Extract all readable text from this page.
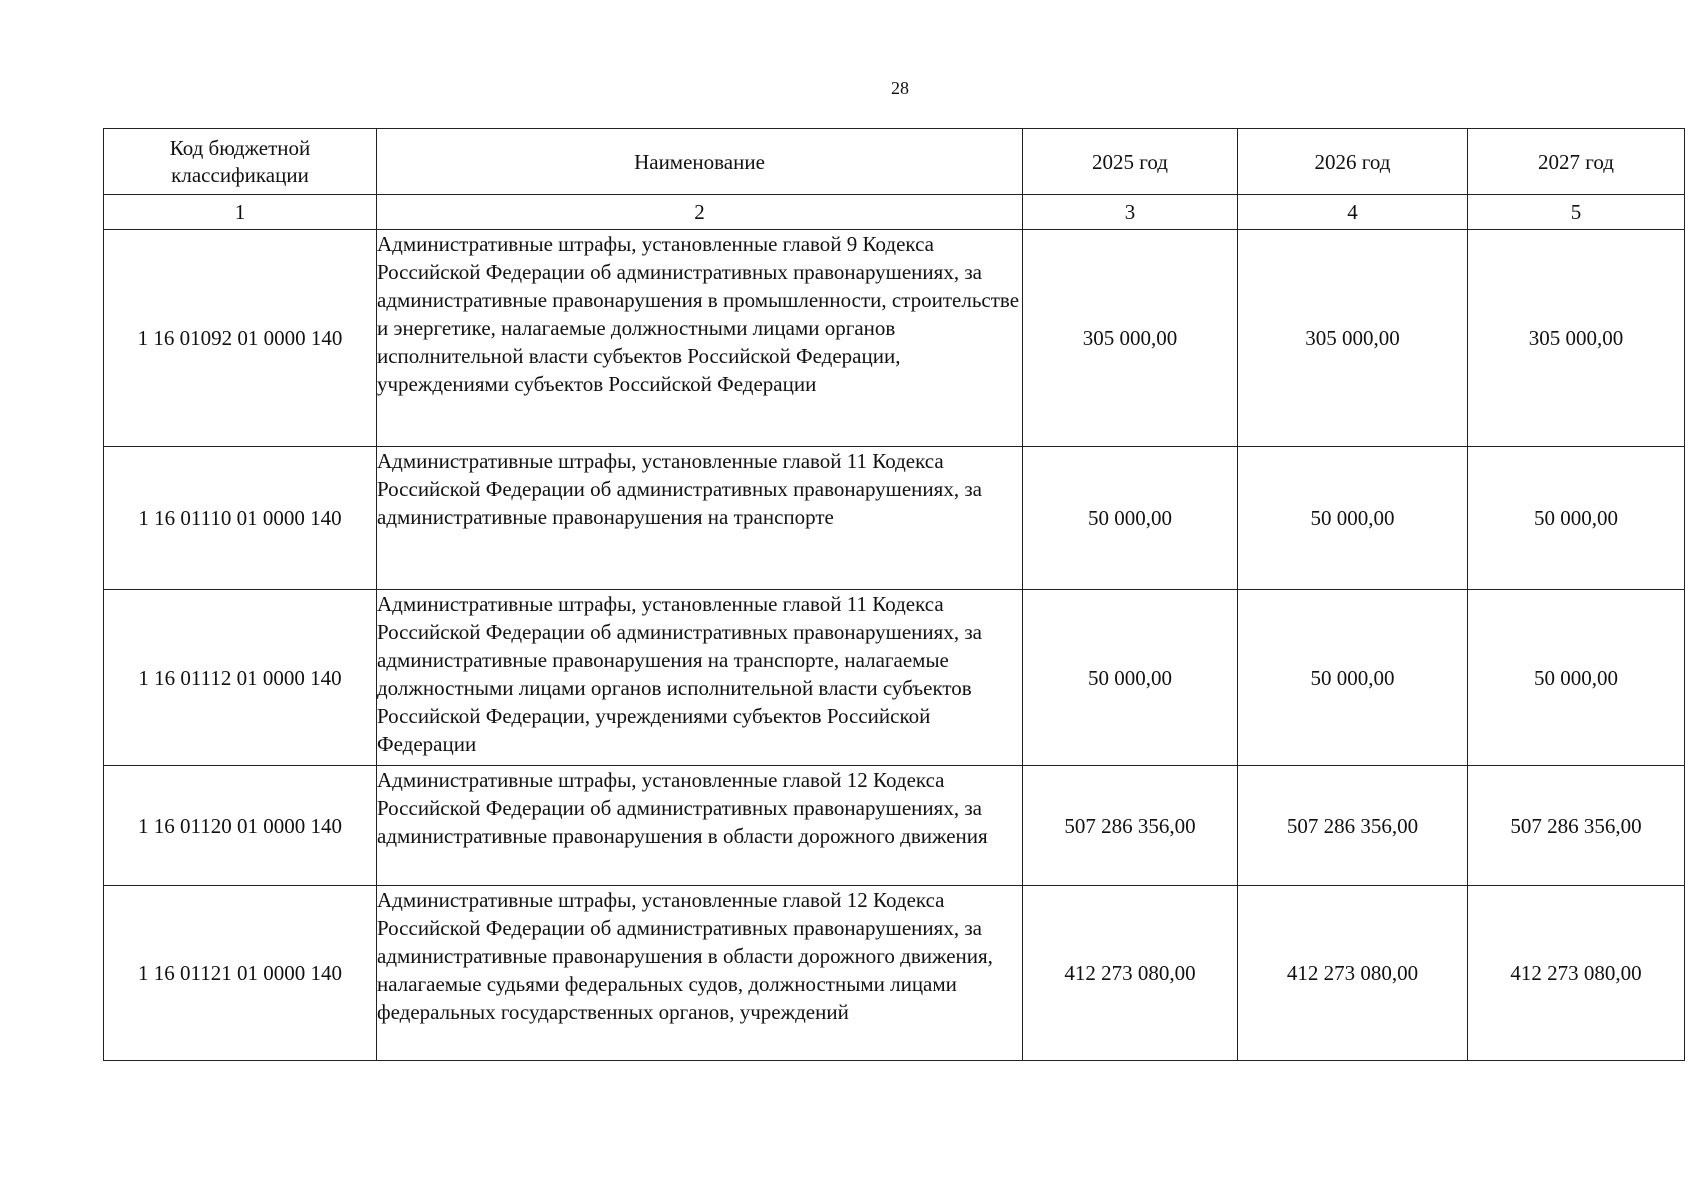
28
Код бюджетной классификации	Наименование	2025 год	2026 год	2027 год
1	2	3	4	5
1 16 01092 01 0000 140	Административные штрафы, установленные главой 9 Кодекса Российской Федерации об административных правонарушениях, за административные правонарушения в промышленности, строительстве и энергетике, налагаемые должностными лицами органов исполнительной власти субъектов Российской Федерации, учреждениями субъектов Российской Федерации	305 000,00	305 000,00	305 000,00
1 16 01110 01 0000 140	Административные штрафы, установленные главой 11 Кодекса Российской Федерации об административных правонарушениях, за административные правонарушения на транспорте	50 000,00	50 000,00	50 000,00
1 16 01112 01 0000 140	Административные штрафы, установленные главой 11 Кодекса Российской Федерации об административных правонарушениях, за административные правонарушения на транспорте, налагаемые должностными лицами органов исполнительной власти субъектов Российской Федерации, учреждениями субъектов Российской Федерации	50 000,00	50 000,00	50 000,00
1 16 01120 01 0000 140	Административные штрафы, установленные главой 12 Кодекса Российской Федерации об административных правонарушениях, за административные правонарушения в области дорожного движения	507 286 356,00	507 286 356,00	507 286 356,00
1 16 01121 01 0000 140	Административные штрафы, установленные главой 12 Кодекса Российской Федерации об административных правонарушениях, за административные правонарушения в области дорожного движения, налагаемые судьями федеральных судов, должностными лицами федеральных государственных органов, учреждений	412 273 080,00	412 273 080,00	412 273 080,00
